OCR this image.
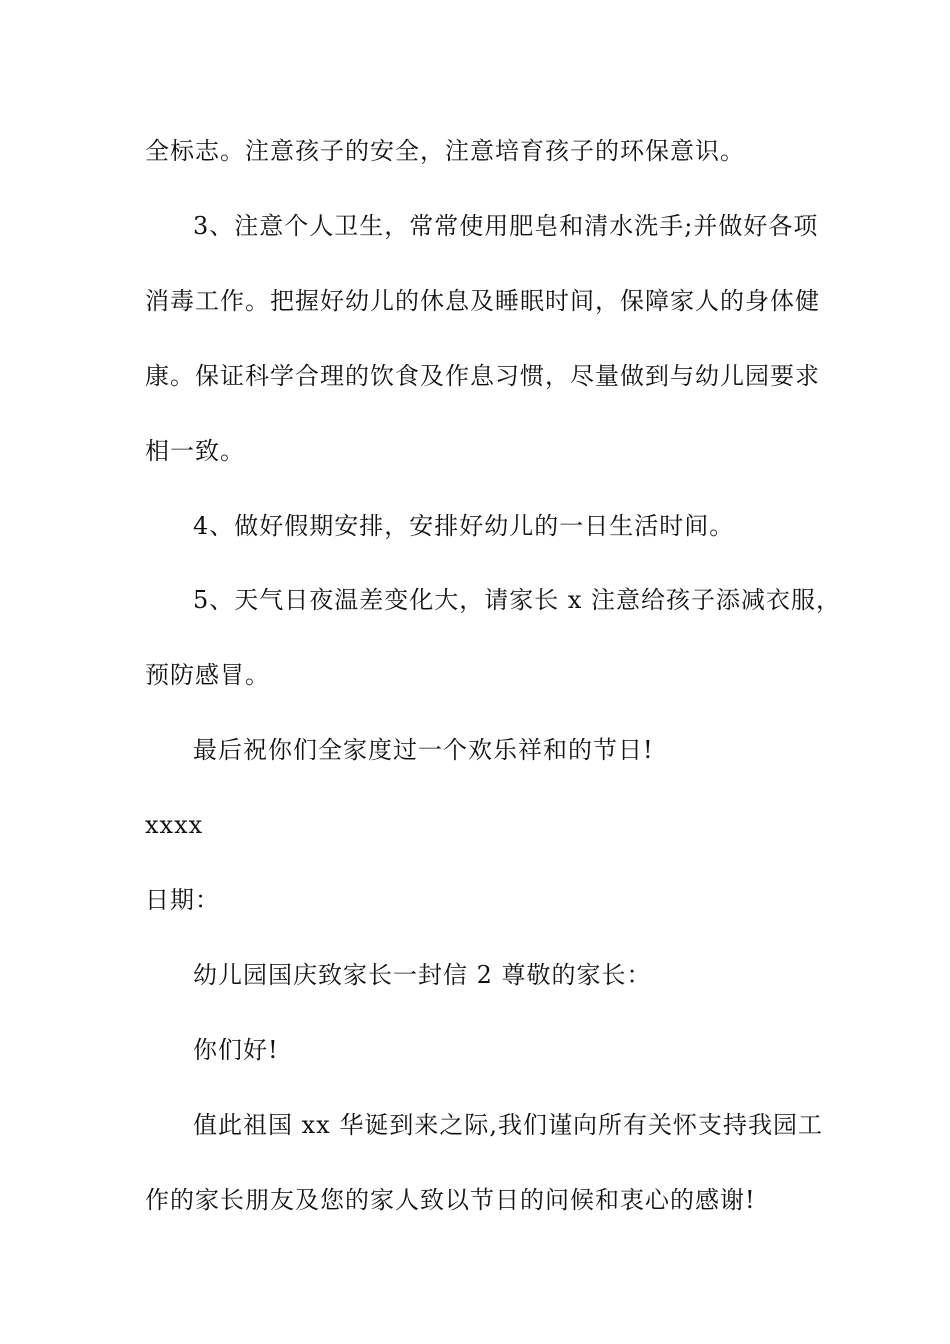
全标志。注意孩子的安全，注意培育孩子的环保意识。
3、注意个人卫生，常常使用肥皂和清水洗手;并做好各项
消毒工作。把握好幼儿的休息及睡眠时间，保障家人的身体健
康。保证科学合理的饮食及作息习惯，尽量做到与幼儿园要求
相一致。
4、做好假期安排，安排好幼儿的一日生活时间。
5、天气日夜温差变化大，请家长 x 注意给孩子添减衣服，
预防感冒。
最后祝你们全家度过一个欢乐祥和的节日!
xxxx
日期：
幼儿园国庆致家长一封信 2 尊敬的家长：
你们好!
值此祖国 xx 华诞到来之际,我们谨向所有关怀支持我园工
作的家长朋友及您的家人致以节日的问候和衷心的感谢!
